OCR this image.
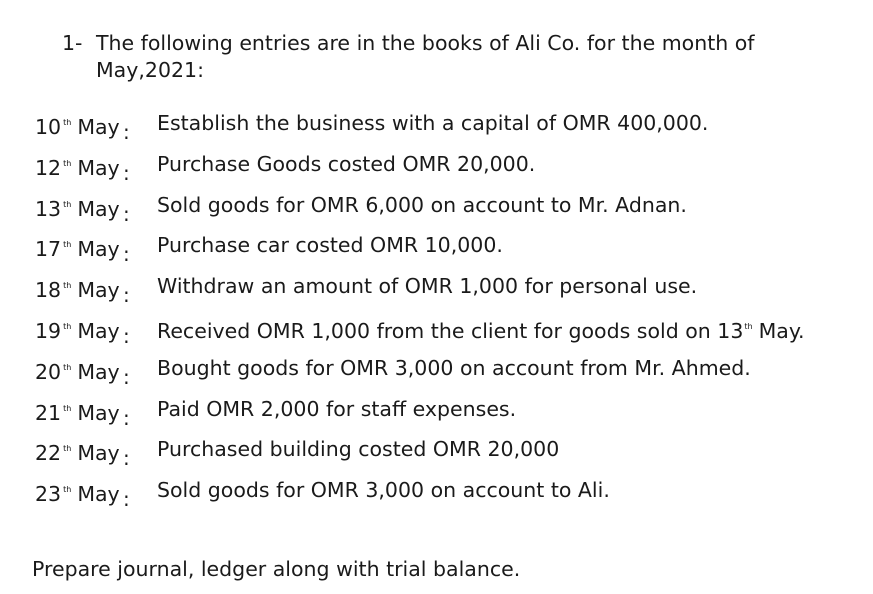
1- The following entries are in the books of Ali Co. for the month of May,2021:
10 $^{th}$ May : Establish the business with a capital of OMR 400,000.
12 $^{th}$ May : Purchase Goods costed OMR 20,000.
13 $^{th}$ May : Sold goods for OMR 6,000 on account to Mr. Adnan.
17 $^{th}$ May : Purchase car costed OMR 10,000.
18 $^{th}$ May : Withdraw an amount of OMR 1,000 for personal use.
19 $^{th}$ May : Received OMR 1,000 from the client for goods sold on 13th May.
20 $^{th}$ May : Bought goods for OMR 3,000 on account from Mr. Ahmed.
21 $^{th}$ May : Paid OMR 2,000 for staff expenses.
22 $^{th}$ May : Purchased building costed OMR 20,000
23 $^{th}$ May : Sold goods for OMR 3,000 on account to Ali.
Prepare journal, ledger along with trial balance.
